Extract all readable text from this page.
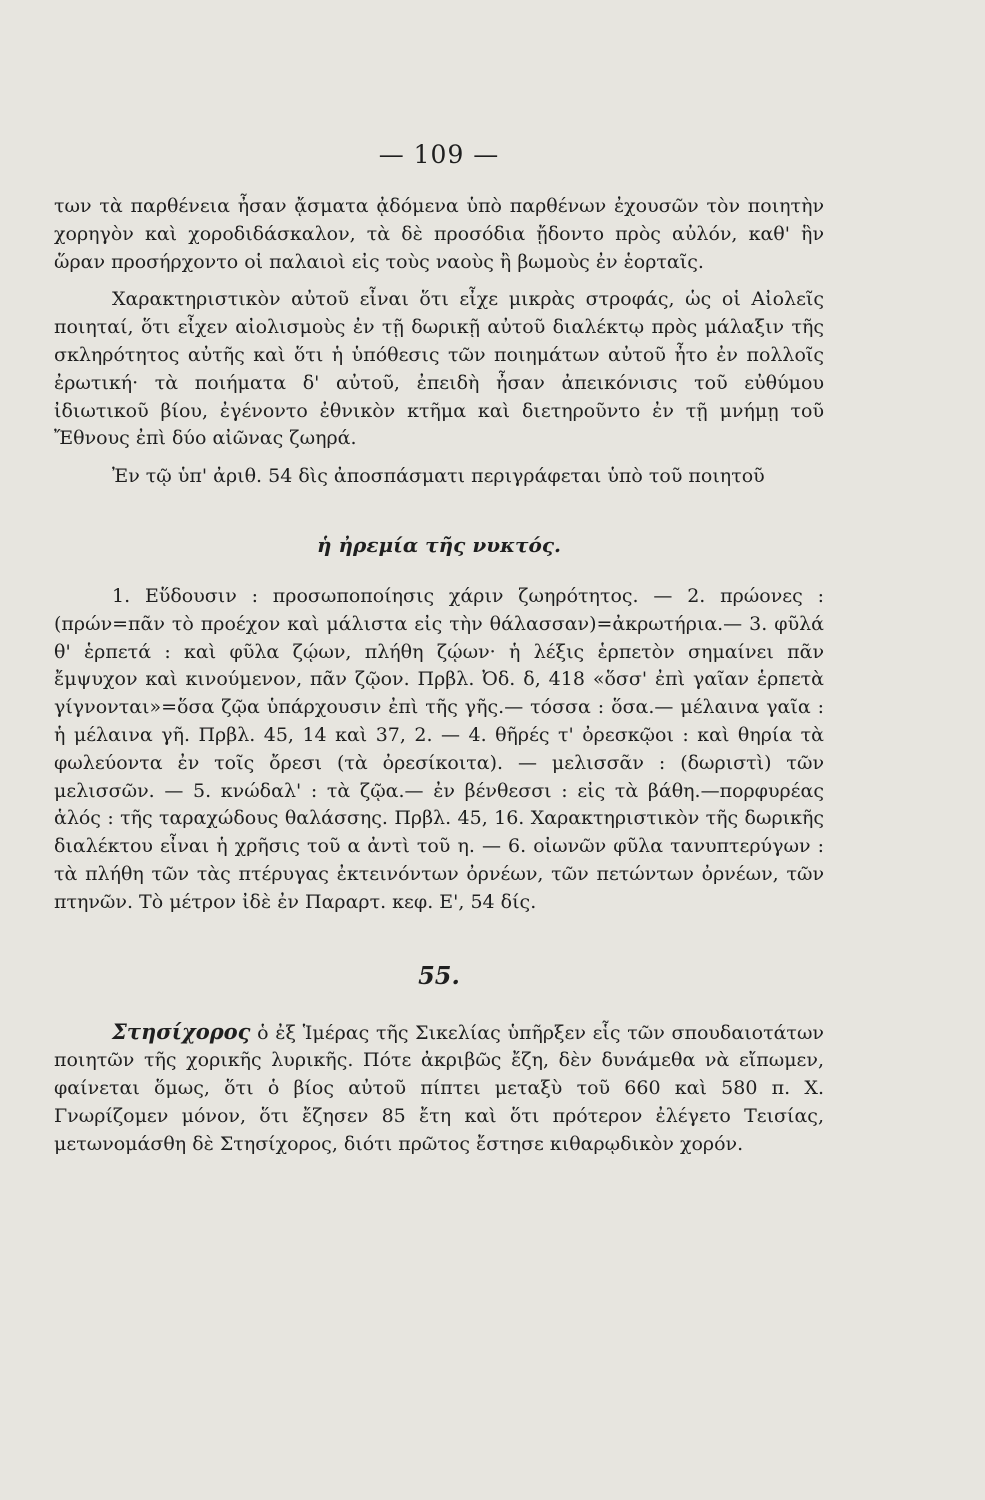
— 109 —

των τὰ παρθένεια ἦσαν ᾄσματα ᾀδόμενα ὑπὸ παρθένων ἐχουσῶν τὸν ποιητὴν χορηγὸν καὶ χοροδιδάσκαλον, τὰ δὲ προσόδια ᾔδοντο πρὸς αὐλόν, καθ' ἣν ὥραν προσήρχοντο οἱ παλαιοὶ εἰς τοὺς ναοὺς ἢ βωμοὺς ἐν ἑορταῖς.

Χαρακτηριστικὸν αὐτοῦ εἶναι ὅτι εἶχε μικρὰς στροφάς, ὡς οἱ Αἰολεῖς ποιηταί, ὅτι εἶχεν αἰολισμοὺς ἐν τῇ δωρικῇ αὐτοῦ διαλέκτῳ πρὸς μάλαξιν τῆς σκληρότητος αὐτῆς καὶ ὅτι ἡ ὑπόθεσις τῶν ποιημάτων αὐτοῦ ἦτο ἐν πολλοῖς ἐρωτική· τὰ ποιήματα δ' αὐτοῦ, ἐπειδὴ ἦσαν ἀπεικόνισις τοῦ εὐθύμου ἰδιωτικοῦ βίου, ἐγένοντο ἐθνικὸν κτῆμα καὶ διετηροῦντο ἐν τῇ μνήμῃ τοῦ Ἔθνους ἐπὶ δύο αἰῶνας ζωηρά.

Ἐν τῷ ὑπ' ἀριθ. 54 δὶς ἀποσπάσματι περιγράφεται ὑπὸ τοῦ ποιητοῦ

ἡ ἠρεμία τῆς νυκτός.

1. Εὕδουσιν : προσωποποίησις χάριν ζωηρότητος. — 2. πρώονες : (πρών=πᾶν τὸ προέχον καὶ μάλιστα εἰς τὴν θάλασσαν)=ἀκρωτήρια.— 3. φῦλά θ' ἑρπετά : καὶ φῦλα ζῴων, πλήθη ζῴων· ἡ λέξις ἑρπετὸν σημαίνει πᾶν ἔμψυχον καὶ κινούμενον, πᾶν ζῷον. Πρβλ. Ὀδ. δ, 418 «ὅσσ' ἐπὶ γαῖαν ἑρπετὰ γίγνονται»=ὅσα ζῷα ὑπάρχουσιν ἐπὶ τῆς γῆς.— τόσσα : ὅσα.— μέλαινα γαῖα : ἡ μέλαινα γῆ. Πρβλ. 45, 14 καὶ 37, 2. — 4. θῆρές τ' ὀρεσκῷοι : καὶ θηρία τὰ φωλεύοντα ἐν τοῖς ὄρεσι (τὰ ὀρεσίκοιτα). — μελισσᾶν : (δωριστὶ) τῶν μελισσῶν. — 5. κνώδαλ' : τὰ ζῷα.— ἐν βένθεσσι : εἰς τὰ βάθη.—πορφυρέας ἁλός : τῆς ταραχώδους θαλάσσης. Πρβλ. 45, 16. Χαρακτηριστικὸν τῆς δωρικῆς διαλέκτου εἶναι ἡ χρῆσις τοῦ α ἀντὶ τοῦ η. — 6. οἰωνῶν φῦλα τανυπτερύγων : τὰ πλήθη τῶν τὰς πτέρυγας ἐκτεινόντων ὀρνέων, τῶν πετώντων ὀρνέων, τῶν πτηνῶν. Τὸ μέτρον ἰδὲ ἐν Παραρτ. κεφ. Ε', 54 δίς.

55.

Στησίχορος ὁ ἐξ Ἱμέρας τῆς Σικελίας ὑπῆρξεν εἷς τῶν σπουδαιοτάτων ποιητῶν τῆς χορικῆς λυρικῆς. Πότε ἀκριβῶς ἔζη, δὲν δυνάμεθα νὰ εἴπωμεν, φαίνεται ὅμως, ὅτι ὁ βίος αὐτοῦ πίπτει μεταξὺ τοῦ 660 καὶ 580 π. Χ. Γνωρίζομεν μόνον, ὅτι ἔζησεν 85 ἔτη καὶ ὅτι πρότερον ἐλέγετο Τεισίας, μετωνομάσθη δὲ Στησίχορος, διότι πρῶτος ἔστησε κιθαρῳδικὸν χορόν.
